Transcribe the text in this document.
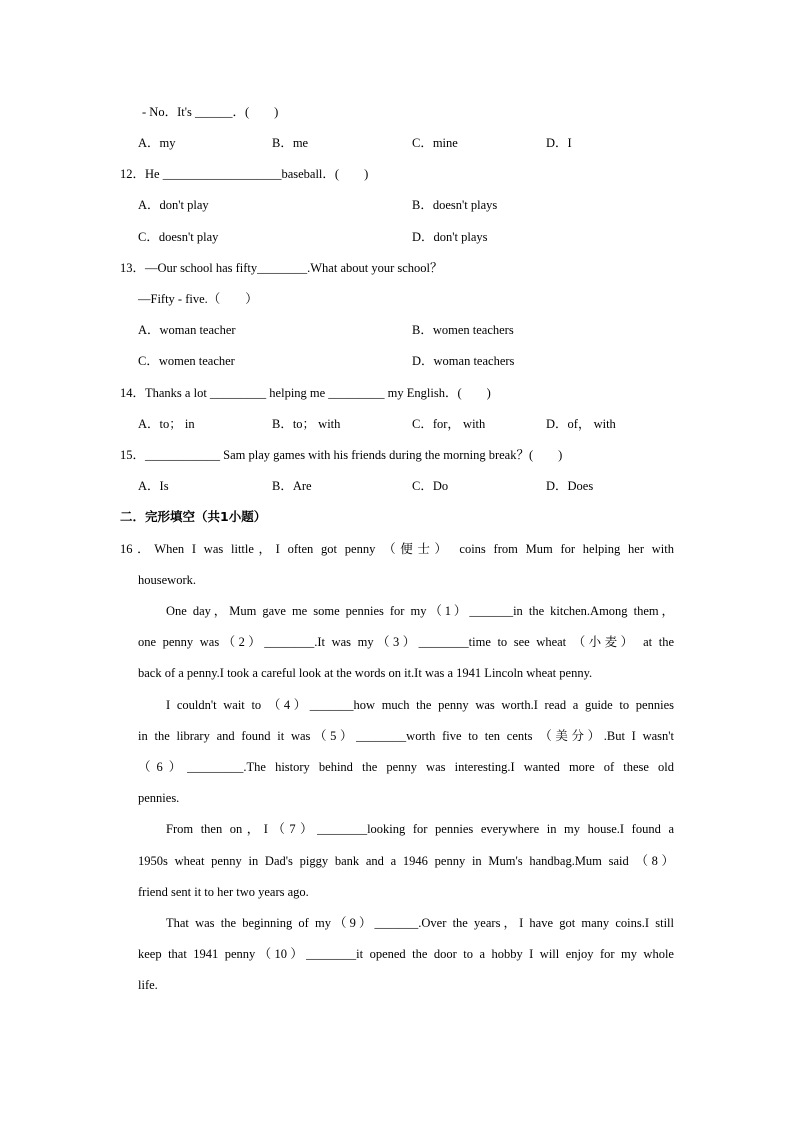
- No．It's ______．(　　)
A．my	B．me	C．mine	D．I
12．He ___________________baseball．(　　)
A．don't play	B．doesn't plays
C．doesn't play	D．don't plays
13．—Our school has fifty________.What about your school？
—Fifty - five.（　　）
A．woman teacher	B．women teachers
C．women teacher	D．woman teachers
14．Thanks a lot _________ helping me _________ my English．(　　)
A．to； in	B．to； with	C．for， with	D．of， with
15．____________ Sam play games with his friends during the morning break？(　　)
A．Is	B．Are	C．Do	D．Does
二．完形填空（共1小题）
16．When I was little，I often got penny （便士） coins from Mum for helping her with
housework.
One day，Mum gave me some pennies for my（1）_______in the kitchen.Among them，
one penny was（2）________.It was my（3）________time to see wheat （小麦） at the
back of a penny.I took a careful look at the words on it.It was a 1941 Lincoln wheat penny.
I couldn't wait to （4）_______how much the penny was worth.I read a guide to pennies
in the library and found it was（5）________worth five to ten cents （美分）.But I wasn't
（6）_________.The history behind the penny was interesting.I wanted more of these old
pennies.
From then on，I（7）________looking for pennies everywhere in my house.I found a
1950s wheat penny in Dad's piggy bank and a 1946 penny in Mum's handbag.Mum said （8）
friend sent it to her two years ago.
That was the beginning of my（9）_______.Over the years，I have got many coins.I still
keep that 1941 penny（10）________it opened the door to a hobby I will enjoy for my whole
life.
